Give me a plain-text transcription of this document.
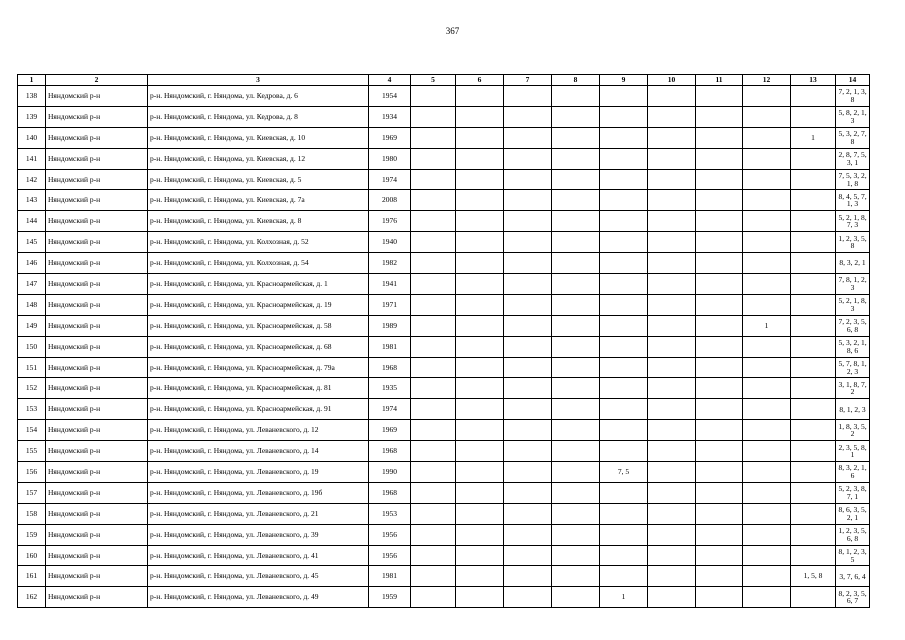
367
1	2	3	4	5	6	7	8	9	10	11	12	13	14
138	Няндомский р-н	р-н. Няндомский, г. Няндома, ул. Кедрова, д. 6	1954										7, 2, 1, 3, 8
139	Няндомский р-н	р-н. Няндомский, г. Няндома, ул. Кедрова, д. 8	1934										5, 8, 2, 1, 3
140	Няндомский р-н	р-н. Няндомский, г. Няндома, ул. Киевская, д. 10	1969									1	5, 3, 2, 7, 8
141	Няндомский р-н	р-н. Няндомский, г. Няндома, ул. Киевская, д. 12	1980										2, 8, 7, 5, 3, 1
142	Няндомский р-н	р-н. Няндомский, г. Няндома, ул. Киевская, д. 5	1974										7, 5, 3, 2, 1, 8
143	Няндомский р-н	р-н. Няндомский, г. Няндома, ул. Киевская, д. 7а	2008										8, 4, 5, 7, 1, 3
144	Няндомский р-н	р-н. Няндомский, г. Няндома, ул. Киевская, д. 8	1976										5, 2, 1, 8, 7, 3
145	Няндомский р-н	р-н. Няндомский, г. Няндома, ул. Колхозная, д. 52	1940										1, 2, 3, 5, 8
146	Няндомский р-н	р-н. Няндомский, г. Няндома, ул. Колхозная, д. 54	1982										8, 3, 2, 1
147	Няндомский р-н	р-н. Няндомский, г. Няндома, ул. Красноармейская, д. 1	1941										7, 8, 1, 2, 3
148	Няндомский р-н	р-н. Няндомский, г. Няндома, ул. Красноармейская, д. 19	1971										5, 2, 1, 8, 3
149	Няндомский р-н	р-н. Няндомский, г. Няндома, ул. Красноармейская, д. 58	1989								1		7, 2, 3, 5, 6, 8
150	Няндомский р-н	р-н. Няндомский, г. Няндома, ул. Красноармейская, д. 68	1981										5, 3, 2, 1, 8, 6
151	Няндомский р-н	р-н. Няндомский, г. Няндома, ул. Красноармейская, д. 79а	1968										5, 7, 8, 1, 2, 3
152	Няндомский р-н	р-н. Няндомский, г. Няндома, ул. Красноармейская, д. 81	1935										3, 1, 8, 7, 2
153	Няндомский р-н	р-н. Няндомский, г. Няндома, ул. Красноармейская, д. 91	1974										8, 1, 2, 3
154	Няндомский р-н	р-н. Няндомский, г. Няндома, ул. Леваневского, д. 12	1969										1, 8, 3, 5, 2
155	Няндомский р-н	р-н. Няндомский, г. Няндома, ул. Леваневского, д. 14	1968										2, 3, 5, 8, 1
156	Няндомский р-н	р-н. Няндомский, г. Няндома, ул. Леваневского, д. 19	1990					7, 5					8, 3, 2, 1, 6
157	Няндомский р-н	р-н. Няндомский, г. Няндома, ул. Леваневского, д. 19б	1968										5, 2, 3, 8, 7, 1
158	Няндомский р-н	р-н. Няндомский, г. Няндома, ул. Леваневского, д. 21	1953										8, 6, 3, 5, 2, 1
159	Няндомский р-н	р-н. Няндомский, г. Няндома, ул. Леваневского, д. 39	1956										1, 2, 3, 5, 6, 8
160	Няндомский р-н	р-н. Няндомский, г. Няндома, ул. Леваневского, д. 41	1956										8, 1, 2, 3, 5
161	Няндомский р-н	р-н. Няндомский, г. Няндома, ул. Леваневского, д. 45	1981									1, 5, 8	3, 7, 6, 4
162	Няндомский р-н	р-н. Няндомский, г. Няндома, ул. Леваневского, д. 49	1959					1					8, 2, 3, 5, 6, 7
